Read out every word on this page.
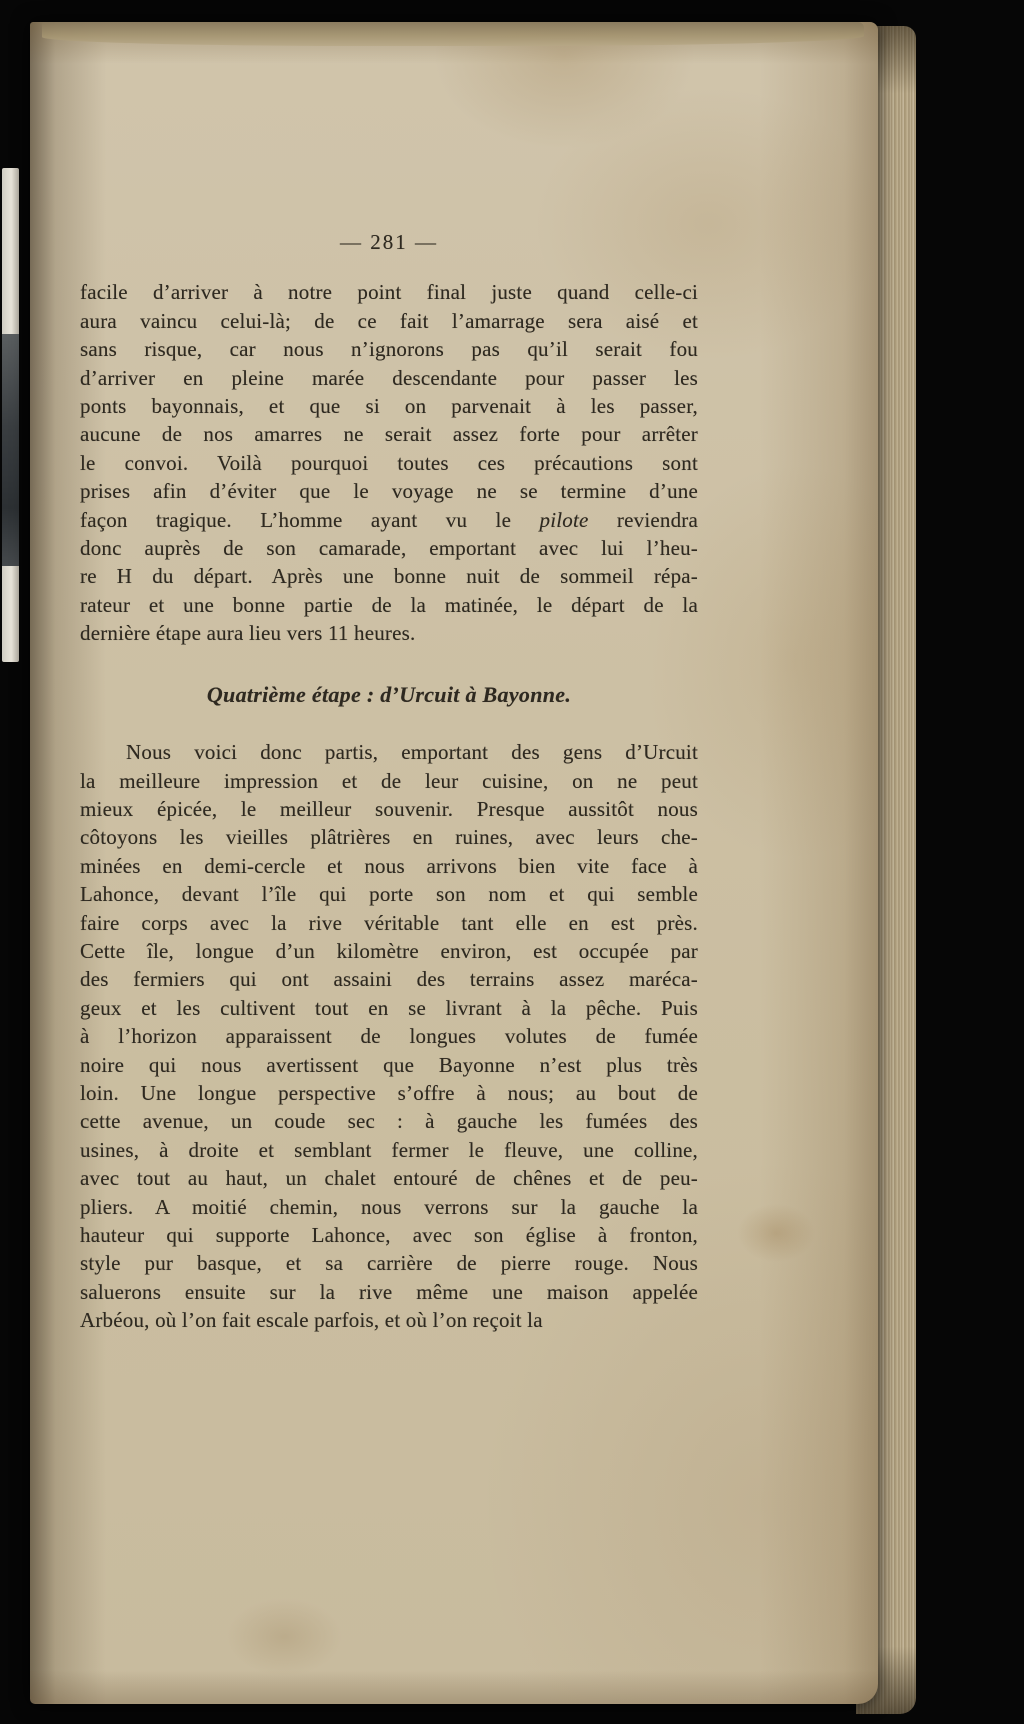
— 281 —
facile d’arriver à notre point final juste quand celle-ci
aura vaincu celui-là; de ce fait l’amarrage sera aisé et
sans risque, car nous n’ignorons pas qu’il serait fou
d’arriver en pleine marée descendante pour passer les
ponts bayonnais, et que si on parvenait à les passer,
aucune de nos amarres ne serait assez forte pour arrêter
le convoi. Voilà pourquoi toutes ces précautions sont
prises afin d’éviter que le voyage ne se termine d’une
façon tragique. L’homme ayant vu le pilote reviendra
donc auprès de son camarade, emportant avec lui l’heu-
re H du départ. Après une bonne nuit de sommeil répa-
rateur et une bonne partie de la matinée, le départ de la
dernière étape aura lieu vers 11 heures.
Quatrième étape : d’Urcuit à Bayonne.
Nous voici donc partis, emportant des gens d’Urcuit
la meilleure impression et de leur cuisine, on ne peut
mieux épicée, le meilleur souvenir. Presque aussitôt nous
côtoyons les vieilles plâtrières en ruines, avec leurs che-
minées en demi-cercle et nous arrivons bien vite face à
Lahonce, devant l’île qui porte son nom et qui semble
faire corps avec la rive véritable tant elle en est près.
Cette île, longue d’un kilomètre environ, est occupée par
des fermiers qui ont assaini des terrains assez maréca-
geux et les cultivent tout en se livrant à la pêche. Puis
à l’horizon apparaissent de longues volutes de fumée
noire qui nous avertissent que Bayonne n’est plus très
loin. Une longue perspective s’offre à nous; au bout de
cette avenue, un coude sec : à gauche les fumées des
usines, à droite et semblant fermer le fleuve, une colline,
avec tout au haut, un chalet entouré de chênes et de peu-
pliers. A moitié chemin, nous verrons sur la gauche la
hauteur qui supporte Lahonce, avec son église à fronton,
style pur basque, et sa carrière de pierre rouge. Nous
saluerons ensuite sur la rive même une maison appelée
Arbéou, où l’on fait escale parfois, et où l’on reçoit la
